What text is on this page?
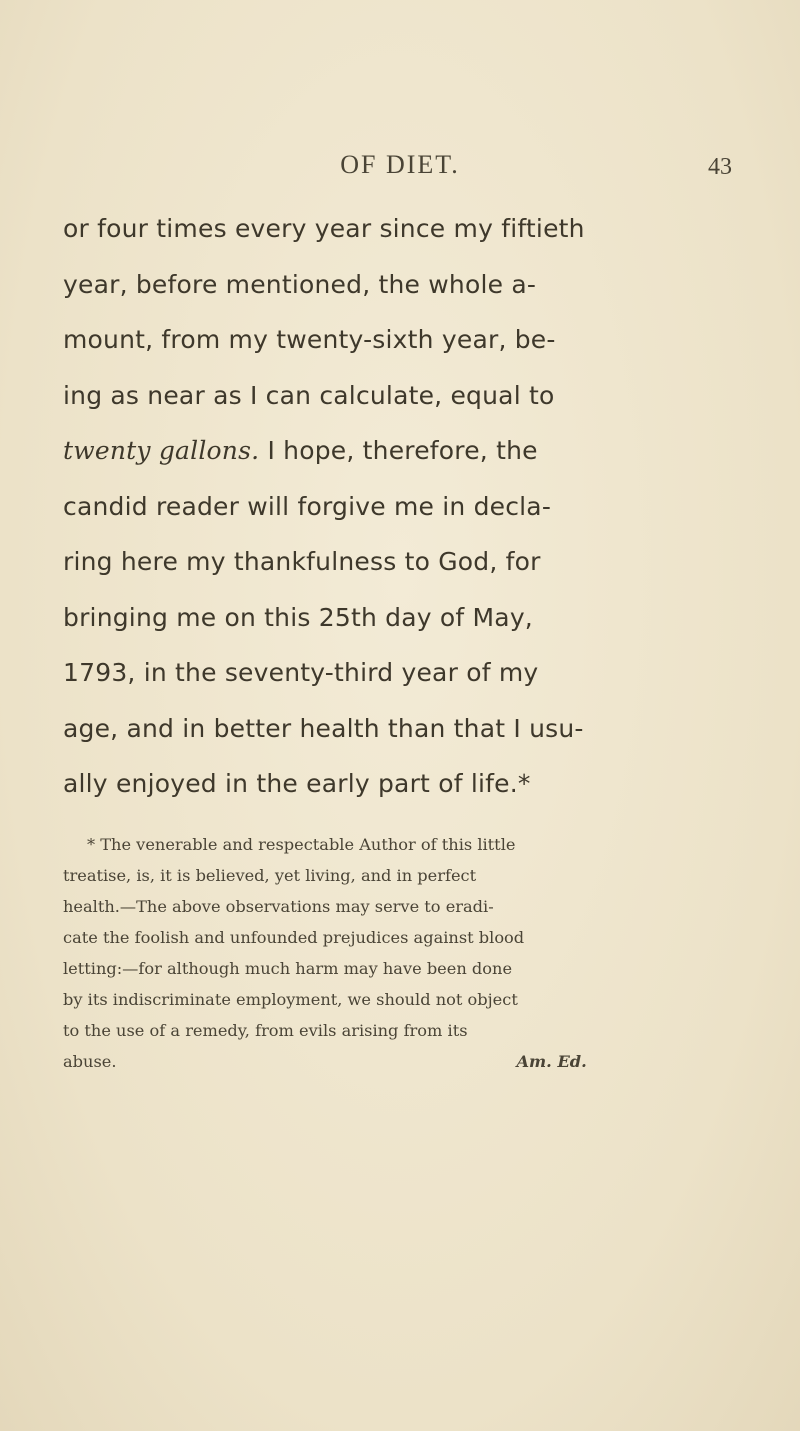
OF DIET.	43
or four times every year since my fiftieth
year, before mentioned, the whole a-
mount, from my twenty-sixth year, be-
ing as near as I can calculate, equal to
twenty gallons. I hope, therefore, the
candid reader will forgive me in decla-
ring here my thankfulness to God, for
bringing me on this 25th day of May,
1793, in the seventy-third year of my
age, and in better health than that I usu-
ally enjoyed in the early part of life.*
* The venerable and respectable Author of this little
treatise, is, it is believed, yet living, and in perfect
health.—The above observations may serve to eradi-
cate the foolish and unfounded prejudices against blood
letting:—for although much harm may have been done
by its indiscriminate employment, we should not object
to the use of a remedy, from evils arising from its
abuse.	Am. Ed.
